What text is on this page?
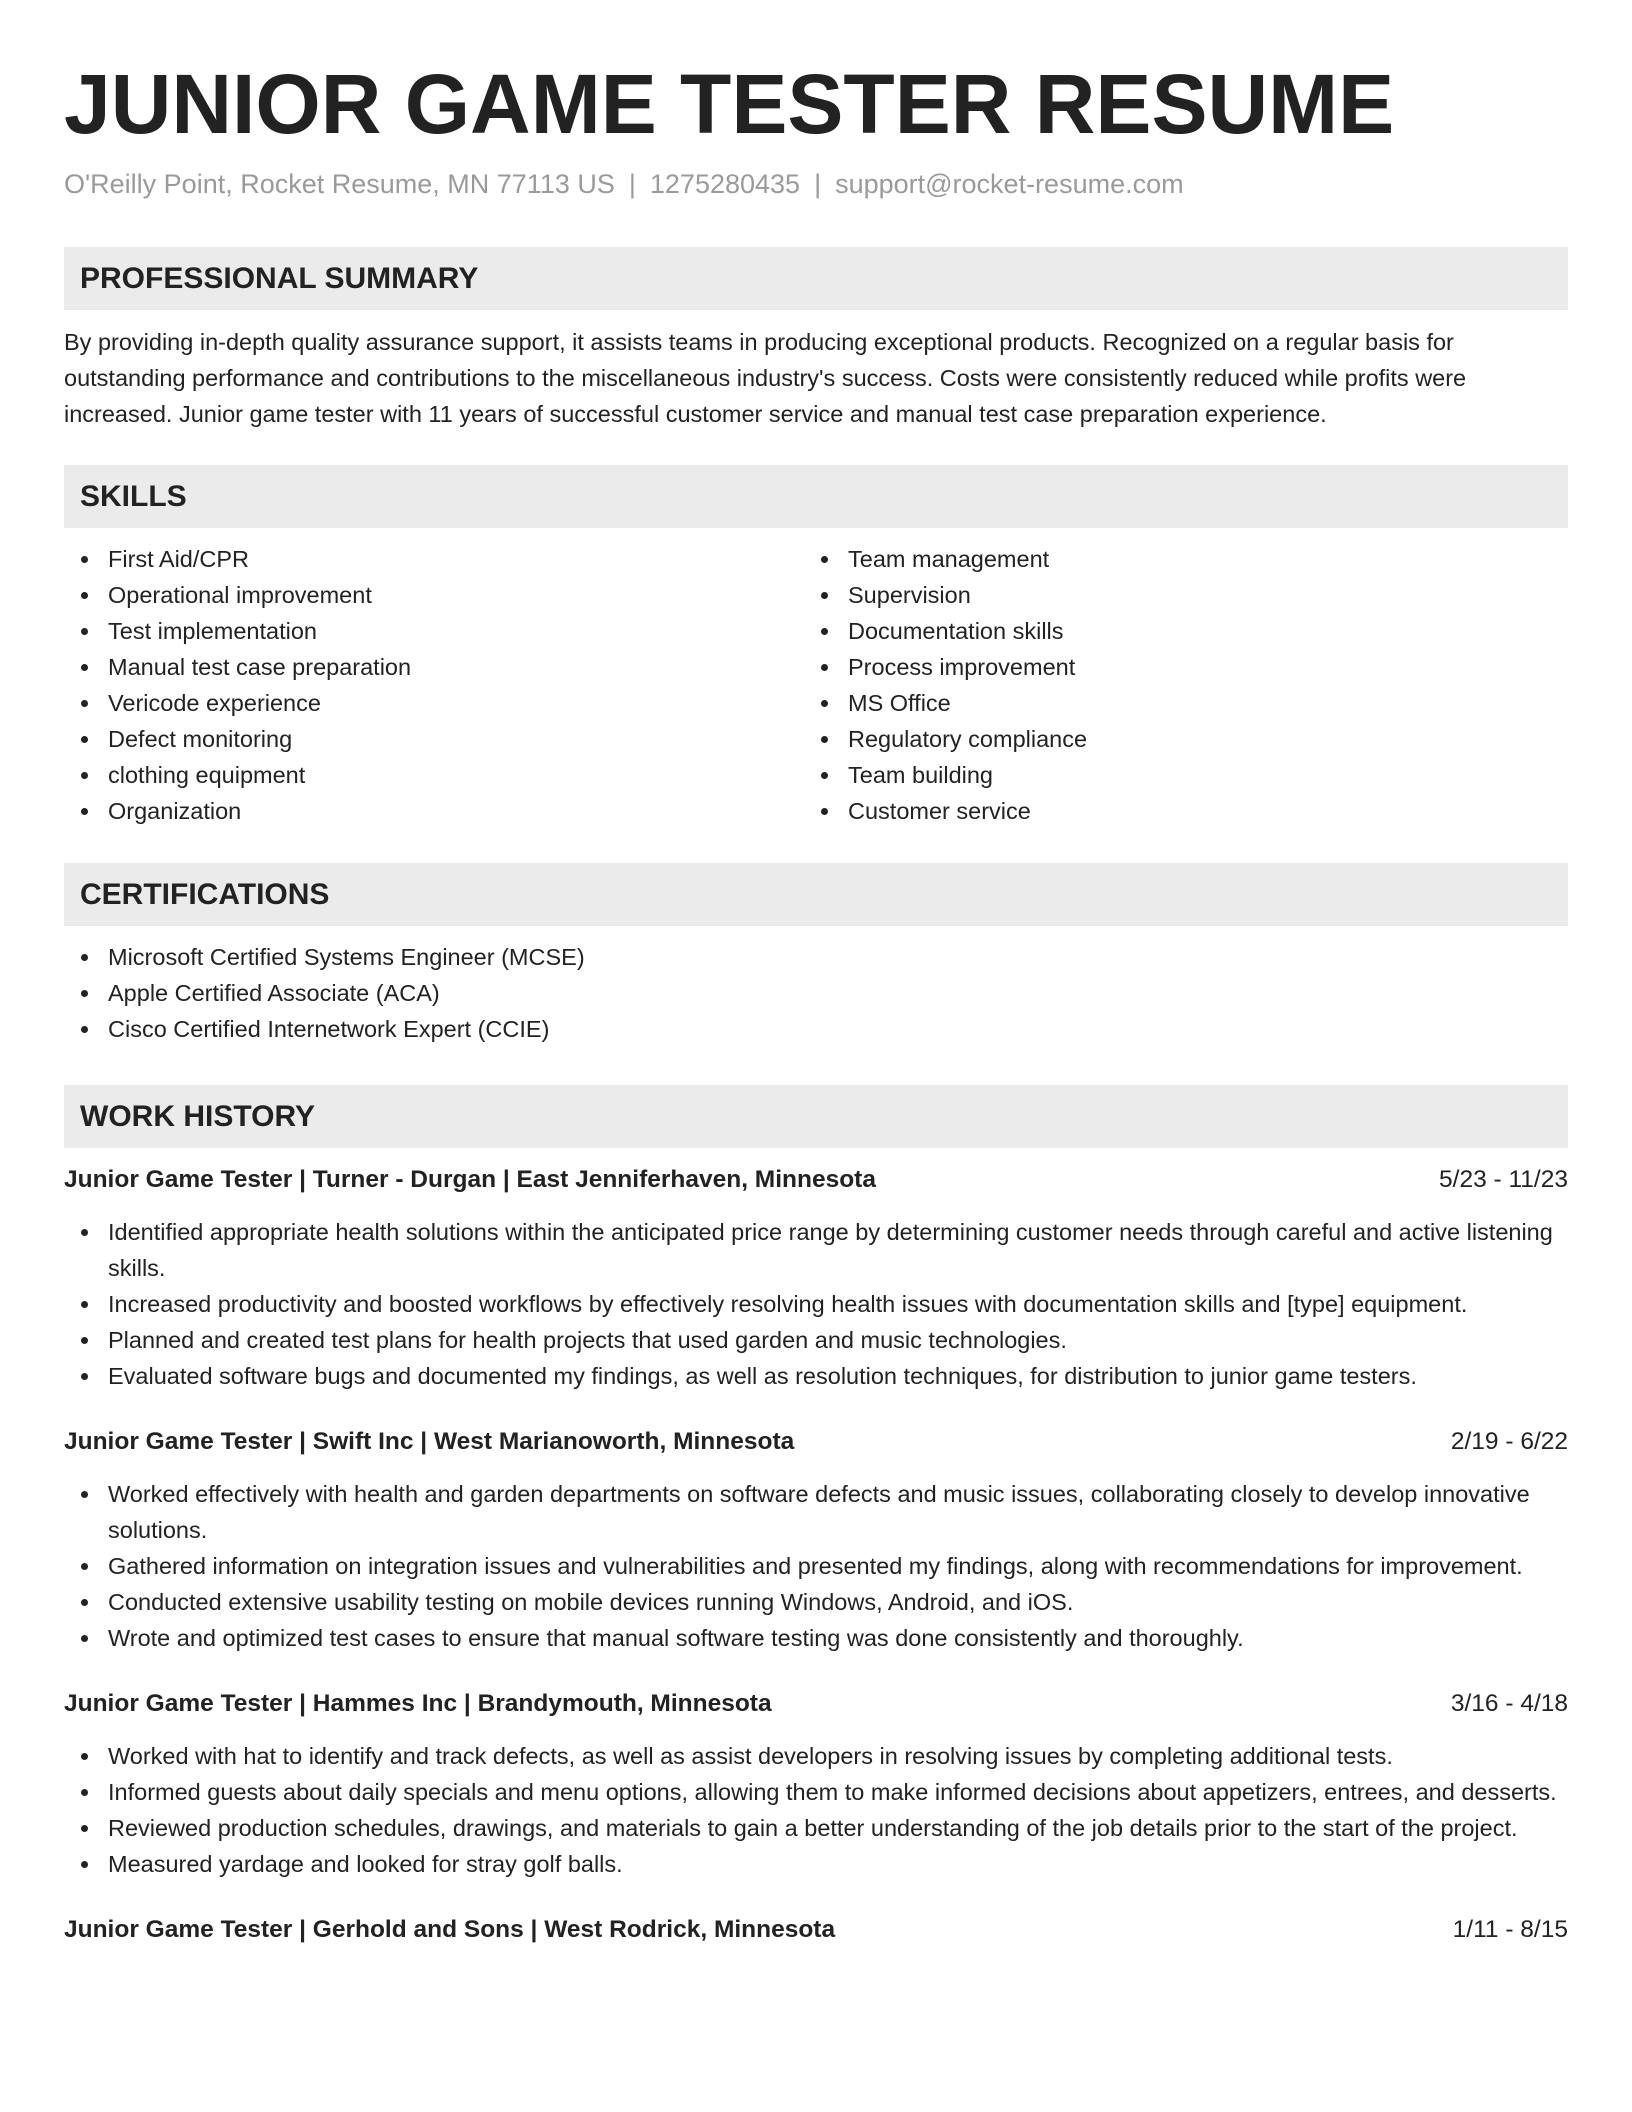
JUNIOR GAME TESTER RESUME
O'Reilly Point, Rocket Resume, MN 77113 US | 1275280435 | support@rocket-resume.com
PROFESSIONAL SUMMARY

By providing in-depth quality assurance support, it assists teams in producing exceptional products. Recognized on a regular basis for outstanding performance and contributions to the miscellaneous industry's success. Costs were consistently reduced while profits were increased. Junior game tester with 11 years of successful customer service and manual test case preparation experience.

SKILLS
First Aid/CPR
Operational improvement
Test implementation
Manual test case preparation
Vericode experience
Defect monitoring
clothing equipment
Organization
Team management
Supervision
Documentation skills
Process improvement
MS Office
Regulatory compliance
Team building
Customer service
CERTIFICATIONS
Microsoft Certified Systems Engineer (MCSE)
Apple Certified Associate (ACA)
Cisco Certified Internetwork Expert (CCIE)
WORK HISTORY
Junior Game Tester | Turner - Durgan | East Jenniferhaven, Minnesota	5/23 - 11/23
Identified appropriate health solutions within the anticipated price range by determining customer needs through careful and active listening skills.
Increased productivity and boosted workflows by effectively resolving health issues with documentation skills and [type] equipment.
Planned and created test plans for health projects that used garden and music technologies.
Evaluated software bugs and documented my findings, as well as resolution techniques, for distribution to junior game testers.
Junior Game Tester | Swift Inc | West Marianoworth, Minnesota	2/19 - 6/22
Worked effectively with health and garden departments on software defects and music issues, collaborating closely to develop innovative solutions.
Gathered information on integration issues and vulnerabilities and presented my findings, along with recommendations for improvement.
Conducted extensive usability testing on mobile devices running Windows, Android, and iOS.
Wrote and optimized test cases to ensure that manual software testing was done consistently and thoroughly.
Junior Game Tester | Hammes Inc | Brandymouth, Minnesota	3/16 - 4/18
Worked with hat to identify and track defects, as well as assist developers in resolving issues by completing additional tests.
Informed guests about daily specials and menu options, allowing them to make informed decisions about appetizers, entrees, and desserts.
Reviewed production schedules, drawings, and materials to gain a better understanding of the job details prior to the start of the project.
Measured yardage and looked for stray golf balls.
Junior Game Tester | Gerhold and Sons | West Rodrick, Minnesota	1/11 - 8/15
